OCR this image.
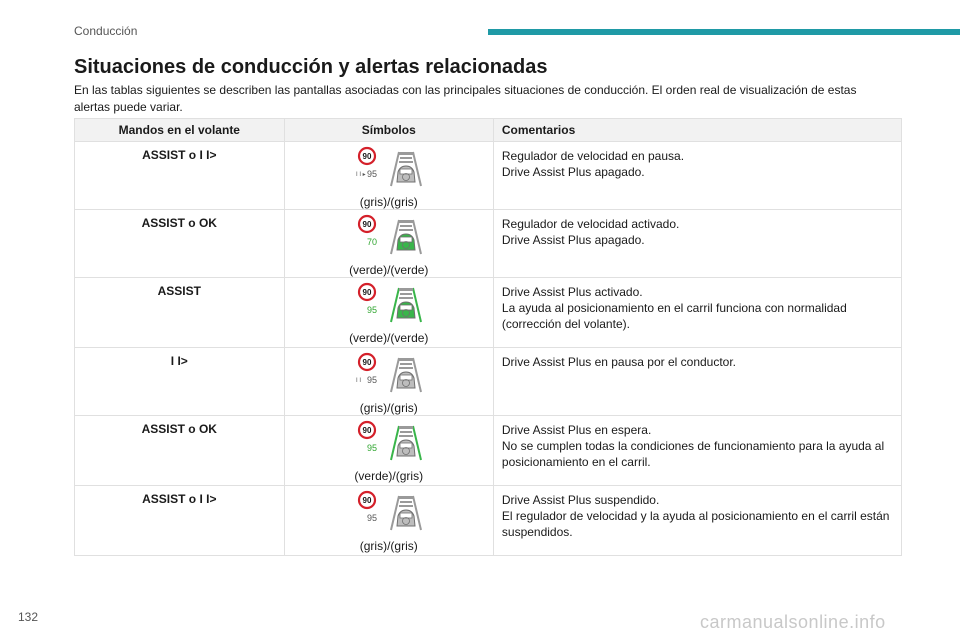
Conducción
Situaciones de conducción y alertas relacionadas

En las tablas siguientes se describen las pantallas asociadas con las principales situaciones de conducción. El orden real de visualización de estas alertas puede variar.

Mandos en el volante	Símbolos	Comentarios
ASSIST o I I>	90
I I ▸ 95
(gris)/(gris)	Regulador de velocidad en pausa.
Drive Assist Plus apagado.

ASSIST o OK	90
70
(verde)/(verde)	Regulador de velocidad activado.
Drive Assist Plus apagado.

ASSIST	90
95
(verde)/(verde)	Drive Assist Plus activado.
La ayuda al posicionamiento en el carril funciona con normalidad (corrección del volante).

I I>	90
I I 95
(gris)/(gris)	Drive Assist Plus en pausa por el conductor.

ASSIST o OK	90
95
(verde)/(gris)	Drive Assist Plus en espera.
No se cumplen todas la condiciones de funcionamiento para la ayuda al posicionamiento en el carril.

ASSIST o I I>	90
95
(gris)/(gris)	Drive Assist Plus suspendido.
El regulador de velocidad y la ayuda al posicionamiento en el carril están suspendidos.
132	carmanualsonline.info
